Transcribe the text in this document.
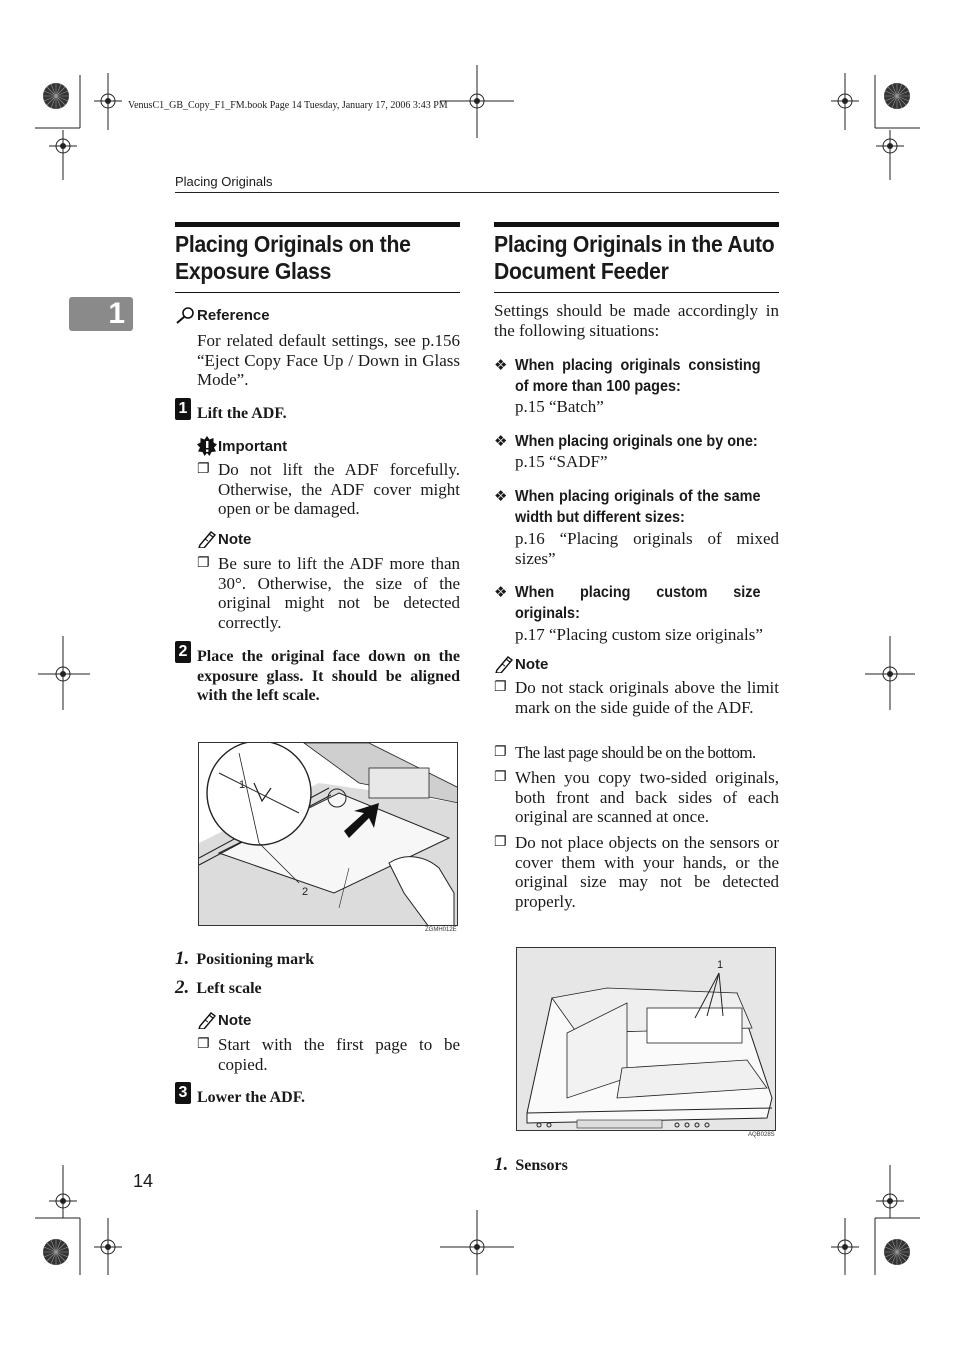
VenusC1_GB_Copy_F1_FM.book Page 14 Tuesday, January 17, 2006 3:43 PM
Placing Originals
1
Placing Originals on the
Exposure Glass
Reference
For related default settings, see p.156 “Eject Copy Face Up / Down in Glass Mode”.
1 Lift the ADF.
Important
❐ Do not lift the ADF forcefully. Otherwise, the ADF cover might open or be damaged.
Note
❐ Be sure to lift the ADF more than 30°. Otherwise, the size of the original might not be detected correctly.
2 Place the original face down on the exposure glass. It should be aligned with the left scale.
1
2
ZGMH012E
1. Positioning mark
2. Left scale
Note
❐ Start with the first page to be copied.
3 Lower the ADF.
Placing Originals in the Auto
Document Feeder
Settings should be made accordingly in the following situations:
❖ When placing originals consisting of more than 100 pages:
p.15 “Batch”
❖ When placing originals one by one:
p.15 “SADF”
❖ When placing originals of the same width but different sizes:
p.16 “Placing originals of mixed sizes”
❖ When placing custom size originals:
p.17 “Placing custom size originals”
Note
❐ Do not stack originals above the limit mark on the side guide of the ADF.
❐ The last page should be on the bottom.
❐ When you copy two-sided originals, both front and back sides of each original are scanned at once.
❐ Do not place objects on the sensors or cover them with your hands, or the original size may not be detected properly.
1
AQB028S
1. Sensors
14
